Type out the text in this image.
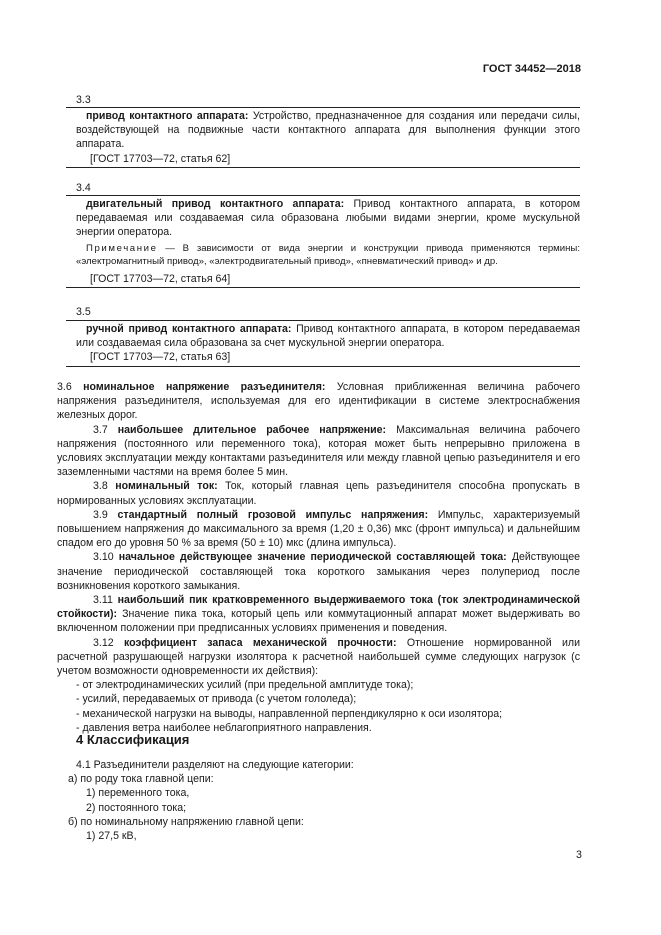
ГОСТ 34452—2018
3.3

привод контактного аппарата: Устройство, предназначенное для создания или передачи силы, воздействующей на подвижные части контактного аппарата для выполнения функции этого аппарата.

[ГОСТ 17703—72, статья 62]

3.4

двигательный привод контактного аппарата: Привод контактного аппарата, в котором передаваемая или создаваемая сила образована любыми видами энергии, кроме мускульной энергии оператора.

Примечание — В зависимости от вида энергии и конструкции привода применяются термины: «электромагнитный привод», «электродвигательный привод», «пневматический привод» и др.

[ГОСТ 17703—72, статья 64]

3.5

ручной привод контактного аппарата: Привод контактного аппарата, в котором передаваемая или создаваемая сила образована за счет мускульной энергии оператора.

[ГОСТ 17703—72, статья 63]

3.6 номинальное напряжение разъединителя: Условная приближенная величина рабочего напряжения разъединителя, используемая для его идентификации в системе электроснабжения железных дорог.

3.7 наибольшее длительное рабочее напряжение: Максимальная величина рабочего напряжения (постоянного или переменного тока), которая может быть непрерывно приложена в условиях эксплуатации между контактами разъединителя или между главной цепью разъединителя и его заземленными частями на время более 5 мин.

3.8 номинальный ток: Ток, который главная цепь разъединителя способна пропускать в нормированных условиях эксплуатации.

3.9 стандартный полный грозовой импульс напряжения: Импульс, характеризуемый повышением напряжения до максимального за время (1,20 ± 0,36) мкс (фронт импульса) и дальнейшим спадом его до уровня 50 % за время (50 ± 10) мкс (длина импульса).

3.10 начальное действующее значение периодической составляющей тока: Действующее значение периодической составляющей тока короткого замыкания через полупериод после возникновения короткого замыкания.

3.11 наибольший пик кратковременного выдерживаемого тока (ток электродинамической стойкости): Значение пика тока, который цепь или коммутационный аппарат может выдерживать во включенном положении при предписанных условиях применения и поведения.

3.12 коэффициент запаса механической прочности: Отношение нормированной или расчетной разрушающей нагрузки изолятора к расчетной наибольшей сумме следующих нагрузок (с учетом возможности одновременности их действия):

- от электродинамических усилий (при предельной амплитуде тока);

- усилий, передаваемых от привода (с учетом гололеда);

- механической нагрузки на выводы, направленной перпендикулярно к оси изолятора;

- давления ветра наиболее неблагоприятного направления.

4 Классификация

4.1 Разъединители разделяют на следующие категории:

а) по роду тока главной цепи:

1) переменного тока,

2) постоянного тока;

б) по номинальному напряжению главной цепи:

1) 27,5 кВ,

3
